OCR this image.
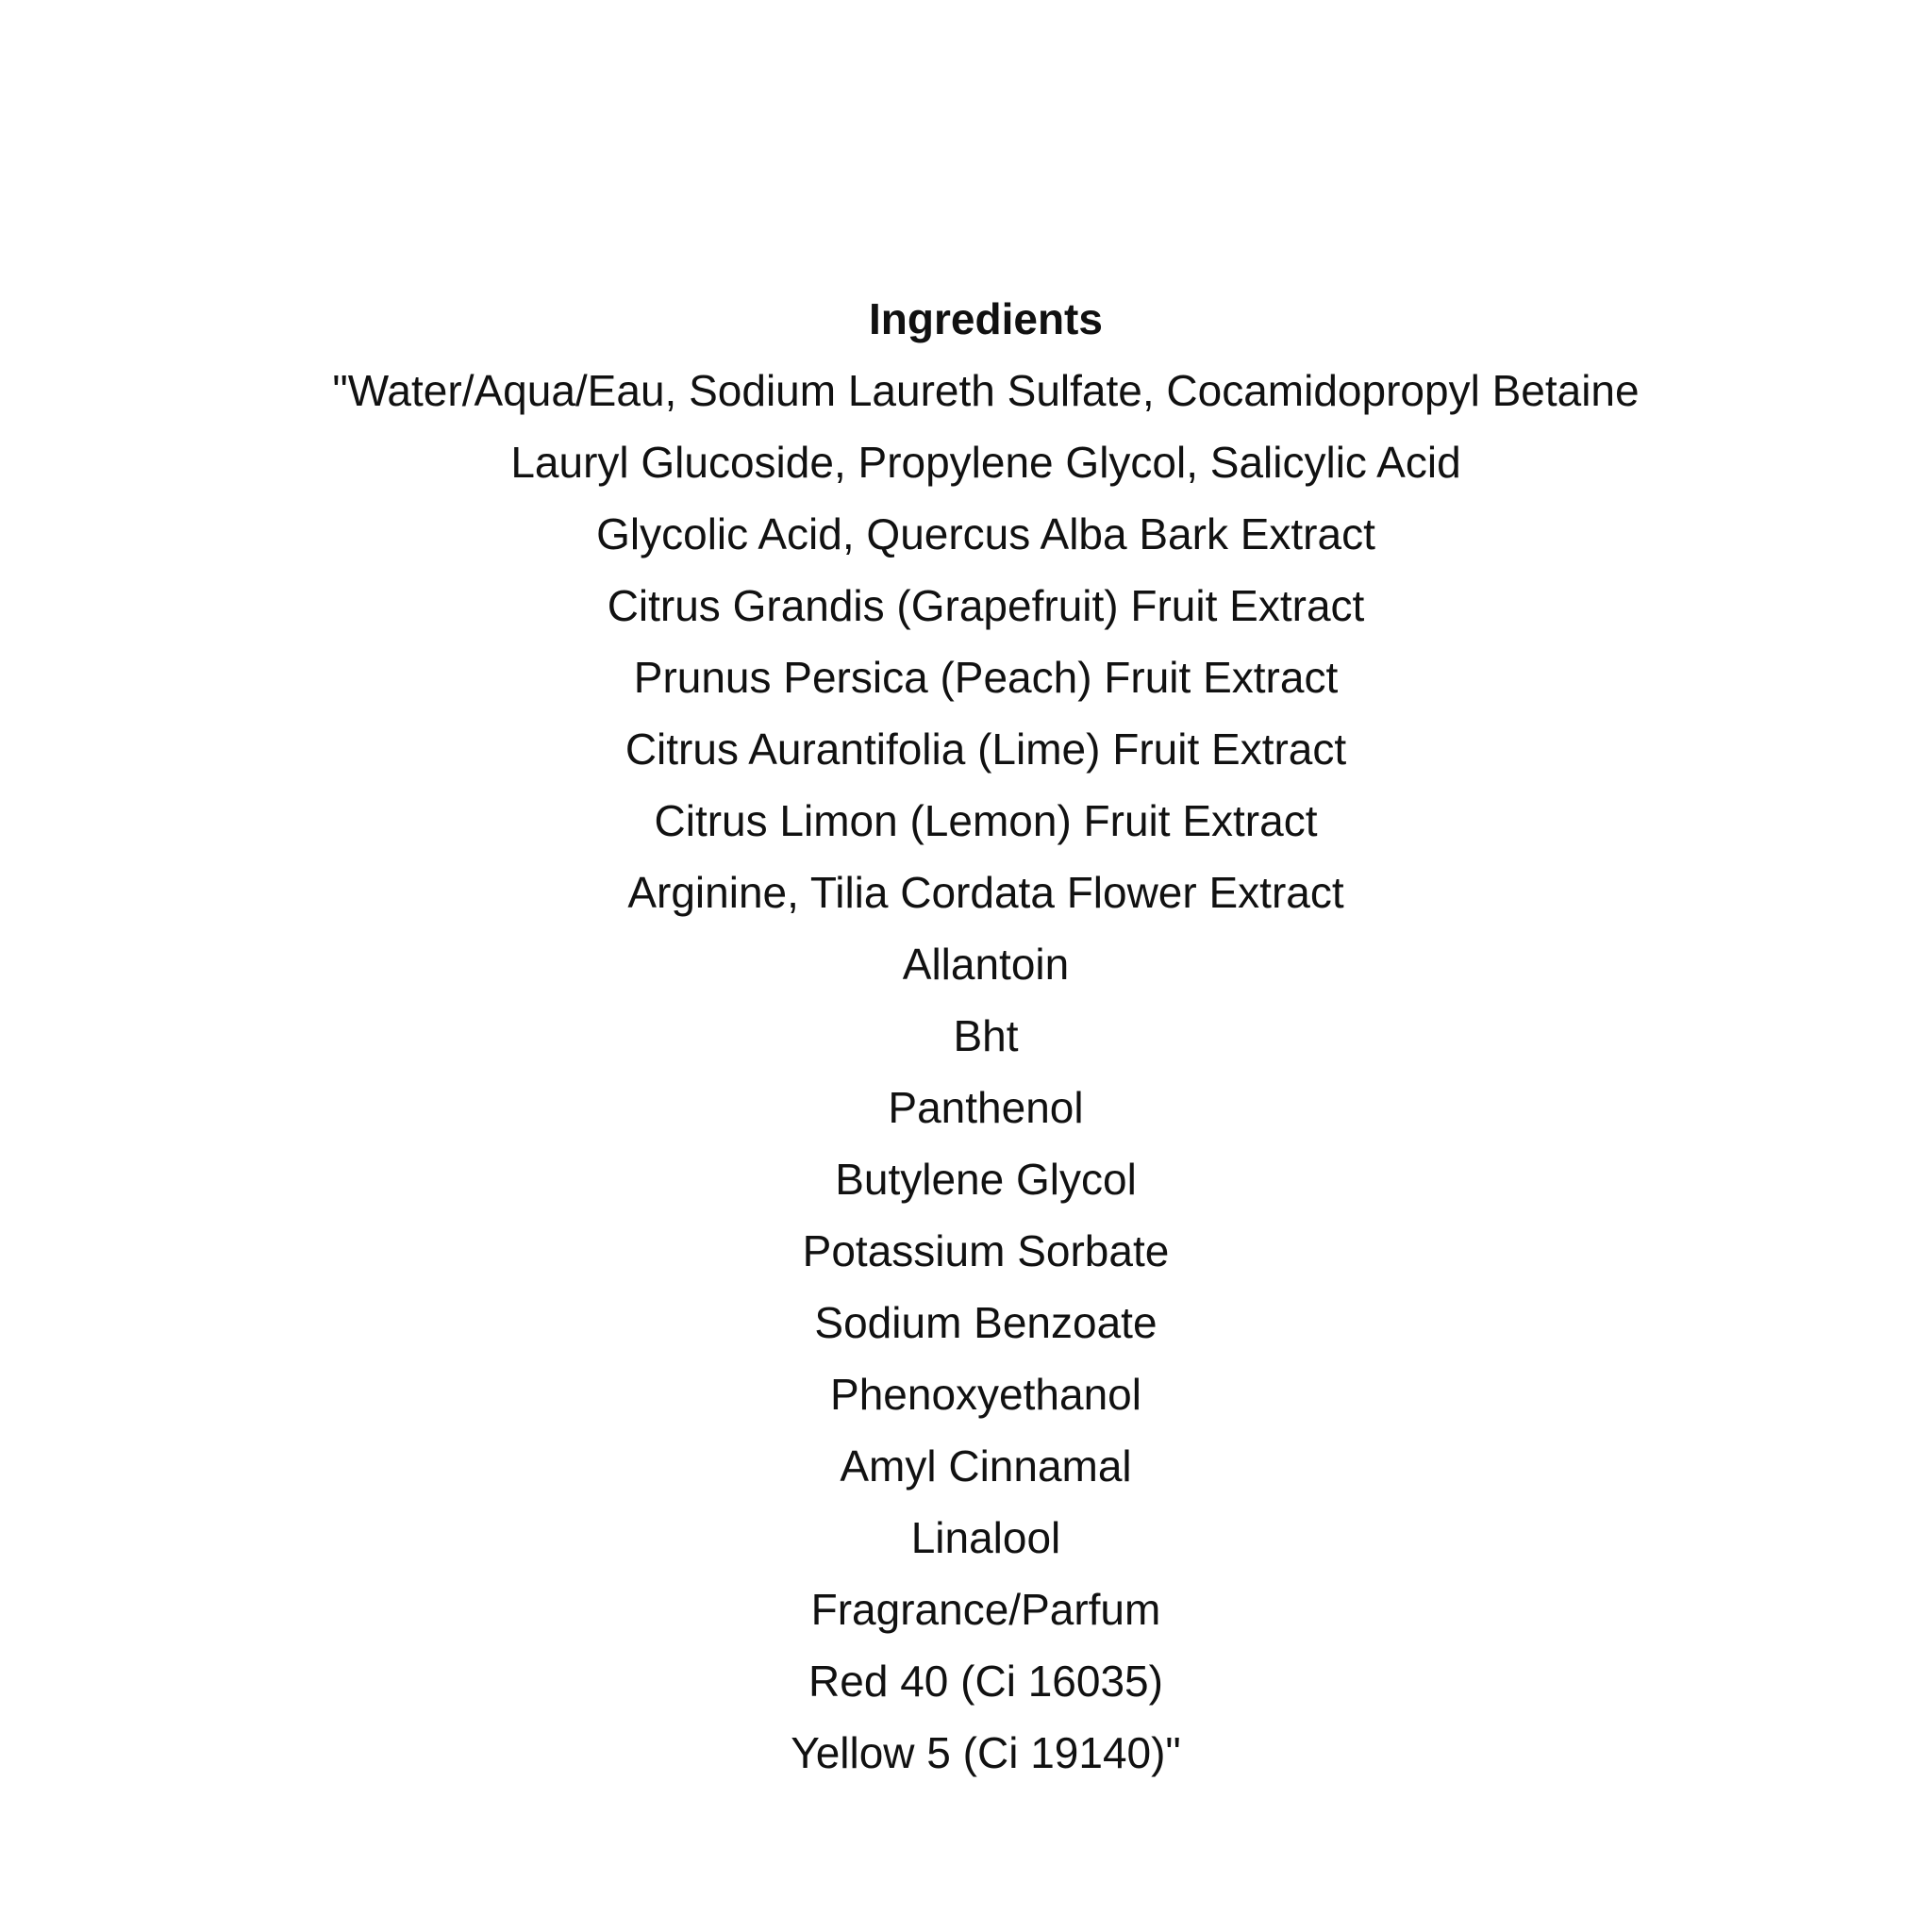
Ingredients
"Water/Aqua/Eau, Sodium Laureth Sulfate, Cocamidopropyl Betaine
Lauryl Glucoside, Propylene Glycol, Salicylic Acid
Glycolic Acid, Quercus Alba Bark Extract
Citrus Grandis (Grapefruit) Fruit Extract
Prunus Persica (Peach) Fruit Extract
Citrus Aurantifolia (Lime) Fruit Extract
Citrus Limon (Lemon) Fruit Extract
Arginine, Tilia Cordata Flower Extract
Allantoin
Bht
Panthenol
Butylene Glycol
Potassium Sorbate
Sodium Benzoate
Phenoxyethanol
Amyl Cinnamal
Linalool
Fragrance/Parfum
Red 40 (Ci 16035)
Yellow 5 (Ci 19140)"
